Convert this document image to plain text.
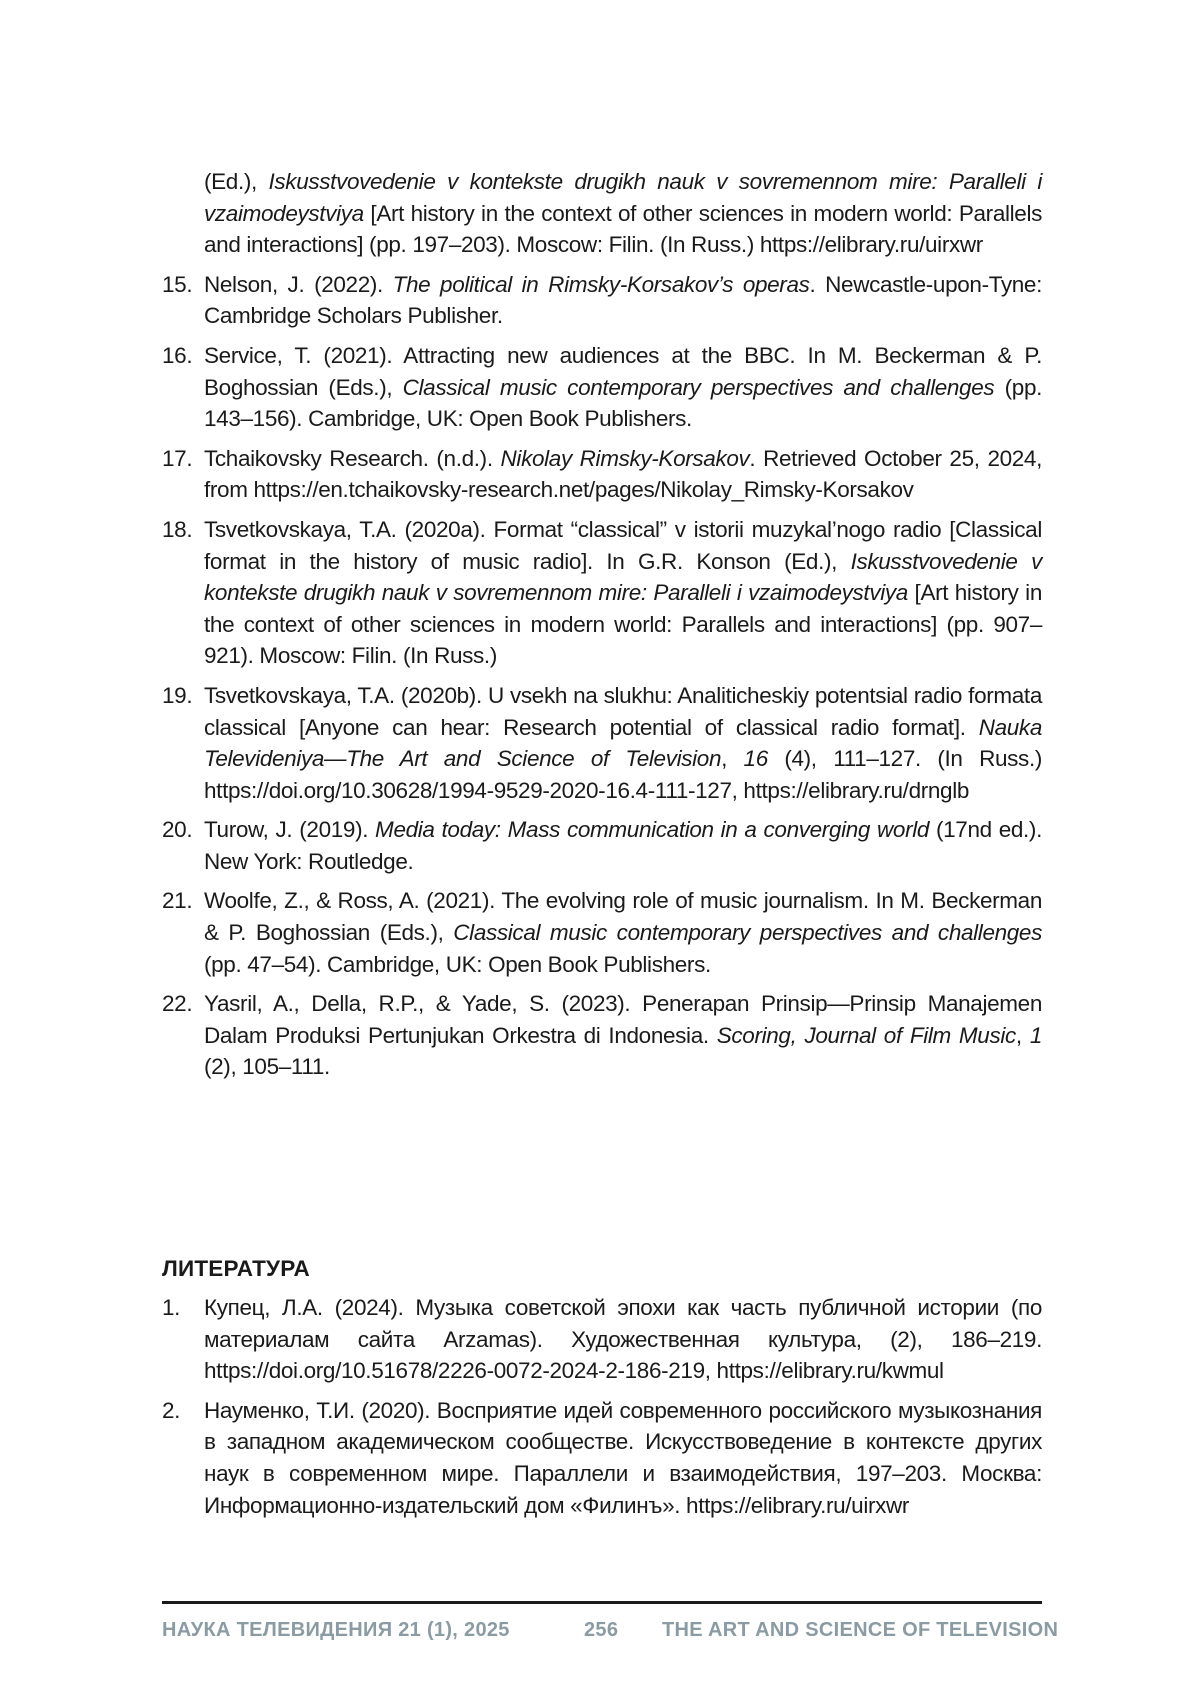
(Ed.), Iskusstvovedenie v kontekste drugikh nauk v sovremennom mire: Paralleli i vzaimodeystviya [Art history in the context of other sciences in modern world: Parallels and interactions] (pp. 197–203). Moscow: Filin. (In Russ.) https://elibrary.ru/uirxwr
15. Nelson, J. (2022). The political in Rimsky-Korsakov’s operas. Newcastle-upon-Tyne: Cambridge Scholars Publisher.
16. Service, T. (2021). Attracting new audiences at the BBC. In M. Beckerman & P. Boghossian (Eds.), Classical music contemporary perspectives and challenges (pp. 143–156). Cambridge, UK: Open Book Publishers.
17. Tchaikovsky Research. (n.d.). Nikolay Rimsky-Korsakov. Retrieved October 25, 2024, from https://en.tchaikovsky-research.net/pages/Nikolay_Rimsky-Korsakov
18. Tsvetkovskaya, T.A. (2020a). Format “classical” v istorii muzykal’nogo radio [Classical format in the history of music radio]. In G.R. Konson (Ed.), Iskusstvovedenie v kontekste drugikh nauk v sovremennom mire: Paralleli i vzaimodeystviya [Art history in the context of other sciences in modern world: Parallels and interactions] (pp. 907–921). Moscow: Filin. (In Russ.)
19. Tsvetkovskaya, T.A. (2020b). U vsekh na slukhu: Analiticheskiy potentsial radio formata classical [Anyone can hear: Research potential of classical radio format]. Nauka Televideniya—The Art and Science of Television, 16 (4), 111–127. (In Russ.) https://doi.org/10.30628/1994-9529-2020-16.4-111-127, https://elibrary.ru/drnglb
20. Turow, J. (2019). Media today: Mass communication in a converging world (17nd ed.). New York: Routledge.
21. Woolfe, Z., & Ross, A. (2021). The evolving role of music journalism. In M. Beckerman & P. Boghossian (Eds.), Classical music contemporary perspectives and challenges (pp. 47–54). Cambridge, UK: Open Book Publishers.
22. Yasril, A., Della, R.P., & Yade, S. (2023). Penerapan Prinsip—Prinsip Manajemen Dalam Produksi Pertunjukan Orkestra di Indonesia. Scoring, Journal of Film Music, 1 (2), 105–111.
ЛИТЕРАТУРА
1. Купец, Л.А. (2024). Музыка советской эпохи как часть публичной истории (по материалам сайта Arzamas). Художественная культура, (2), 186–219. https://doi.org/10.51678/2226-0072-2024-2-186-219, https://elibrary.ru/kwmul
2. Науменко, Т.И. (2020). Восприятие идей современного российского музыкознания в западном академическом сообществе. Искусствоведение в контексте других наук в современном мире. Параллели и взаимодействия, 197–203. Москва: Информационно-издательский дом «Филинъ». https://elibrary.ru/uirxwr
НАУКА ТЕЛЕВИДЕНИЯ 21 (1), 2025	256 THE ART AND SCIENCE OF TELEVISION
